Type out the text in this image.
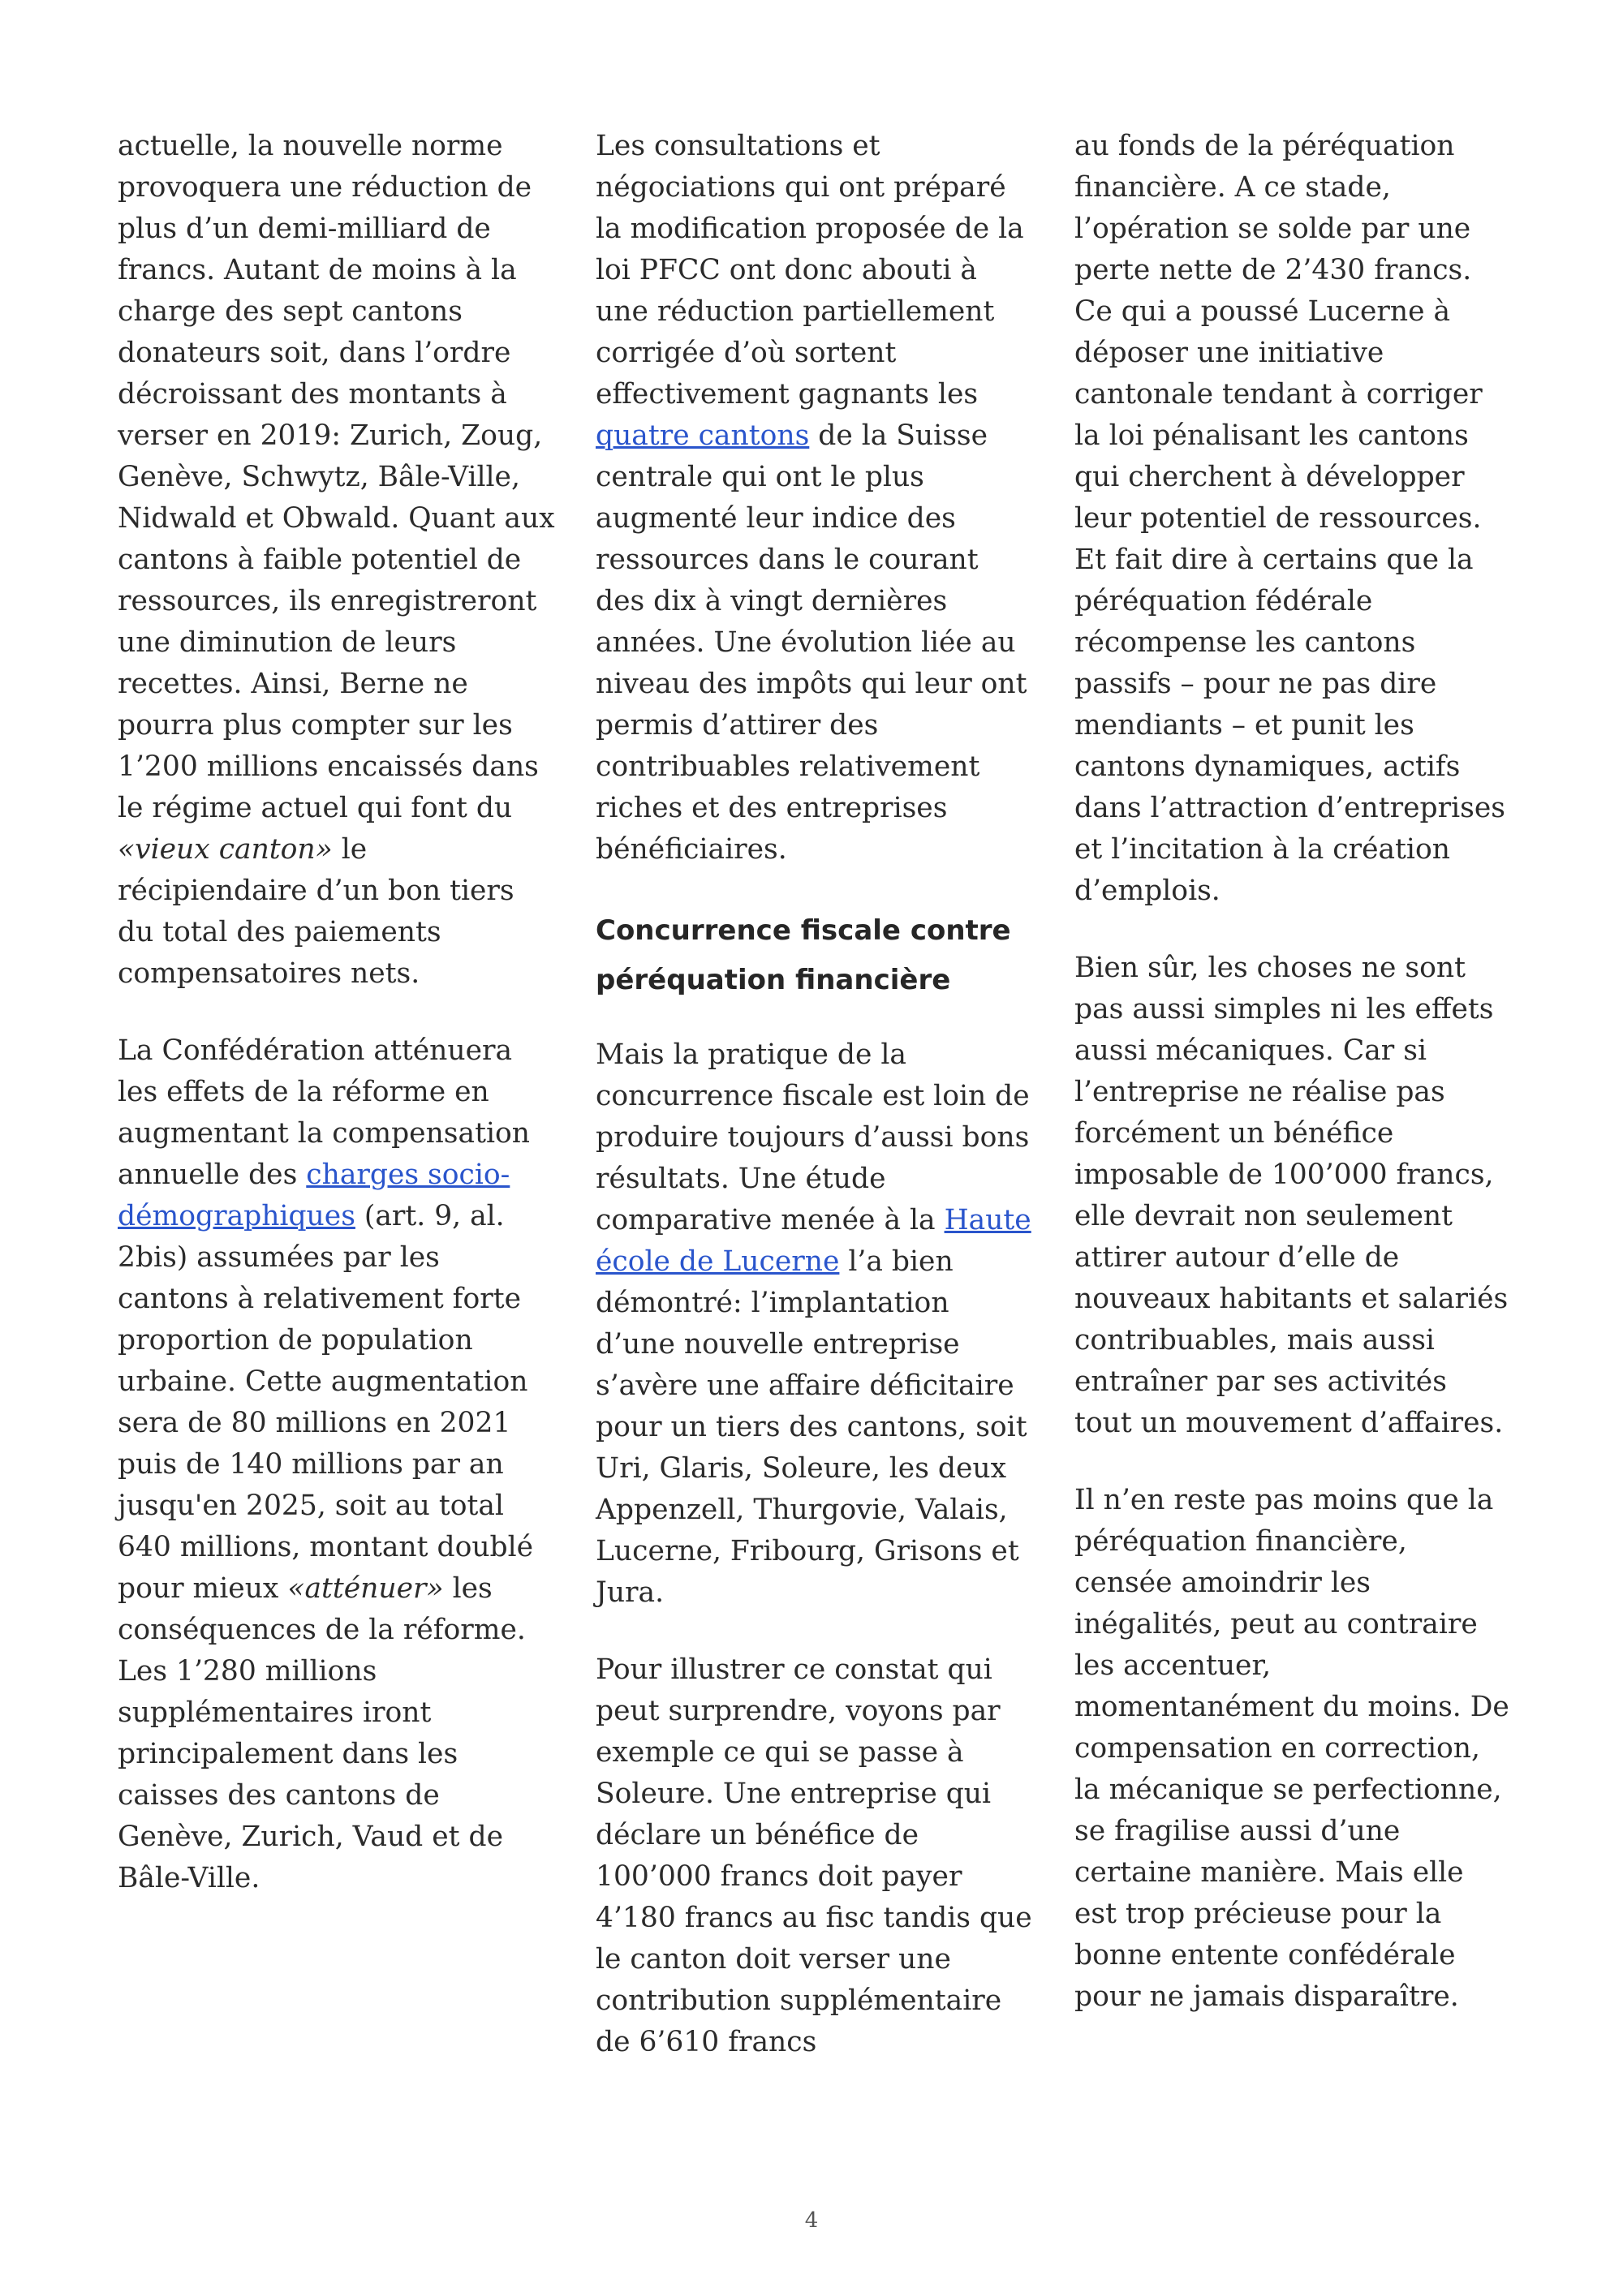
actuelle, la nouvelle norme provoquera une réduction de plus d’un demi-milliard de francs. Autant de moins à la charge des sept cantons donateurs soit, dans l’ordre décroissant des montants à verser en 2019: Zurich, Zoug, Genève, Schwytz, Bâle-Ville, Nidwald et Obwald. Quant aux cantons à faible potentiel de ressources, ils enregistreront une diminution de leurs recettes. Ainsi, Berne ne pourra plus compter sur les 1’200 millions encaissés dans le régime actuel qui font du
«vieux canton» le récipiendaire d’un bon tiers du total des paiements compensatoires nets.

La Confédération atténuera les effets de la réforme en augmentant la compensation annuelle des charges socio-démographiques (art. 9, al. 2bis) assumées par les cantons à relativement forte proportion de population urbaine. Cette augmentation sera de 80 millions en 2021 puis de 140 millions par an jusqu'en 2025, soit au total 640 millions, montant doublé pour mieux «atténuer» les conséquences de la réforme. Les 1’280 millions supplémentaires iront principalement dans les caisses des cantons de Genève, Zurich, Vaud et de Bâle-Ville.

Les consultations et négociations qui ont préparé la modification proposée de la loi PFCC ont donc abouti à une réduction partiellement corrigée d’où sortent effectivement gagnants les quatre cantons de la Suisse centrale qui ont le plus augmenté leur indice des ressources dans le courant des dix à vingt dernières années. Une évolution liée au niveau des impôts qui leur ont permis d’attirer des contribuables relativement riches et des entreprises bénéficiaires.

Concurrence fiscale contre péréquation financière

Mais la pratique de la concurrence fiscale est loin de produire toujours d’aussi bons résultats. Une étude comparative menée à la Haute école de Lucerne l’a bien démontré: l’implantation d’une nouvelle entreprise s’avère une affaire déficitaire pour un tiers des cantons, soit Uri, Glaris, Soleure, les deux Appenzell, Thurgovie, Valais, Lucerne, Fribourg, Grisons et Jura.

Pour illustrer ce constat qui peut surprendre, voyons par exemple ce qui se passe à Soleure. Une entreprise qui déclare un bénéfice de 100’000 francs doit payer 4’180 francs au fisc tandis que le canton doit verser une contribution supplémentaire de 6’610 francs

au fonds de la péréquation financière. A ce stade, l’opération se solde par une perte nette de 2’430 francs. Ce qui a poussé Lucerne à déposer une initiative cantonale tendant à corriger la loi pénalisant les cantons qui cherchent à développer leur potentiel de ressources. Et fait dire à certains que la péréquation fédérale récompense les cantons passifs – pour ne pas dire mendiants – et punit les cantons dynamiques, actifs dans l’attraction d’entreprises et l’incitation à la création d’emplois.

Bien sûr, les choses ne sont pas aussi simples ni les effets aussi mécaniques. Car si l’entreprise ne réalise pas forcément un bénéfice imposable de 100’000 francs, elle devrait non seulement attirer autour d’elle de nouveaux habitants et salariés contribuables, mais aussi entraîner par ses activités tout un mouvement d’affaires.

Il n’en reste pas moins que la péréquation financière, censée amoindrir les inégalités, peut au contraire les accentuer, momentanément du moins. De compensation en correction, la mécanique se perfectionne, se fragilise aussi d’une certaine manière. Mais elle est trop précieuse pour la bonne entente confédérale pour ne jamais disparaître.

4
